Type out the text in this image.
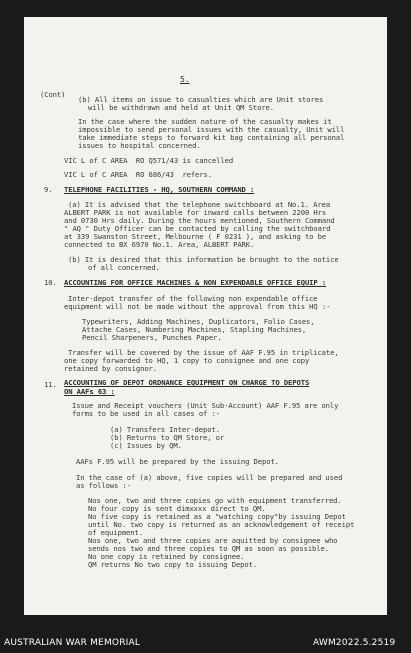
5.
(Cont)
(b) All items on issue to casualties which are Unit stores
will be withdrawn and held at Unit QM Store.
In the case where the sudden nature of the casualty makes it
impossible to send personal issues with the casualty, Unit will
take immediate steps to forward kit bag containing all personal
issues to hospital concerned.
VIC L of C AREA  RO Q571/43 is cancelled
VIC L of C AREA  RO 686/43  refers.
9. TELEPHONE FACILITIES - HQ, SOUTHERN COMMAND :
(a) It is advised that the telephone switchboard at No.1. Area
ALBERT PARK is not available for inward calls between 2200 Hrs
and 0730 Hrs daily. During the hours mentioned, Southern Command
" AQ " Duty Officer can be contacted by calling the switchboard
at 339 Swanston Street, Melbourne ( F 0231 ), and asking to be
connected to BX 6970 No.1. Area, ALBERT PARK.
(b) It is desired that this information be brought to the notice
of all concerned.
10. ACCOUNTING FOR OFFICE MACHINES & NON EXPENDABLE OFFICE EQUIP :
Inter-depot transfer of the following non expendable office
equipment will not be made without the approval from this HQ :-
Typewriters, Adding Machines, Duplicators, Folio Cases,
Attache Cases, Numbering Machines, Stapling Machines,
Pencil Sharpeners, Punches Paper.
Transfer will be covered by the issue of AAF F.95 in triplicate,
one copy forwarded to HQ, 1 copy to consignee and one copy
retained by consignor.
11. ACCOUNTING OF DEPOT ORDNANCE EQUIPMENT ON CHARGE TO DEPOTS
ON AAFs 63 :
Issue and Receipt vouchers (Unit Sub-Account) AAF F.95 are only
forms to be used in all cases of :-
(a) Transfers Inter-depot.
(b) Returns to QM Store, or
(c) Issues by QM.
AAFs F.95 will be prepared by the issuing Depot.
In the case of (a) above, five copies will be prepared and used
as follows :-
Nos one, two and three copies go with equipment transferred.
No four copy is sent dimxxxx direct to QM.
No five copy is retained as a "watching copy"by issuing Depot
until No. two copy is returned as an acknowledgement of receipt
of equipment.
Nos one, two and three copies are aquitted by consignee who
sends nos two and three copies to QM as soon as possible.
No one copy is retained by consignee.
QM returns No two copy to issuing Depot.
AUSTRALIAN WAR MEMORIAL	AWM2022.5.2519
